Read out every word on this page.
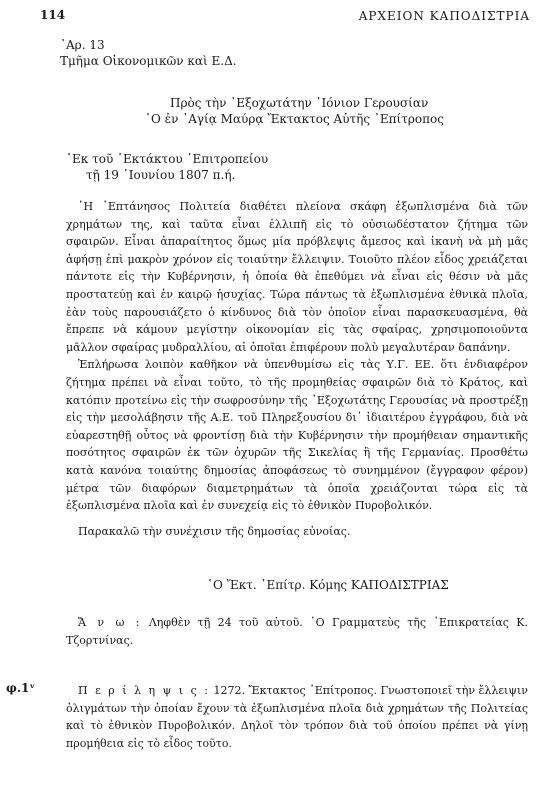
114	ΑΡΧΕΙΟΝ ΚΑΠΟΔΙΣΤΡΙΑ
᾿Αρ. 13
Τμῆμα Οἰκονομικῶν καὶ Ε.Δ.
Πρὸς τὴν ᾿Εξοχωτάτην ᾿Ιόνιον Γερουσίαν
῾Ο ἐν ᾿Αγίᾳ Μαύρᾳ Ἔκτακτος Αὐτῆς ᾿Επίτροπος
᾿Εκ τοῦ ᾿Εκτάκτου ᾿Επιτροπείου
τῇ 19 ᾿Ιουνίου 1807 π.ή.

῾Η ᾿Επτάνησος Πολιτεία διαθέτει πλείονα σκάφη ἐξωπλισμένα διὰ τῶν χρημάτων της, καὶ ταῦτα εἶναι ἐλλιπῆ εἰς τὸ οὐσιωδέστατον ζήτημα τῶν σφαιρῶν. Εἶναι ἀπαραίτητος ὅμως μία πρόβλεψις ἄμεσος καὶ ἱκανὴ νὰ μὴ μᾶς ἀφήσῃ ἐπὶ μακρὸν χρόνον εἰς τοιαύτην ἔλλειψιν. Τοιοῦτο πλέον εἶδος χρειάζεται πάντοτε εἰς τὴν Κυβέρνησιν, ἡ ὁποία θὰ ἐπεθύμει νὰ εἶναι εἰς θέσιν νὰ μᾶς προστατεύῃ καὶ ἐν καιρῷ ἡσυχίας. Τώρα πάντως τὰ ἐξωπλισμένα ἐθνικὰ πλοῖα, ἐὰν τοὺς παρουσιάζετο ὁ κίνδυνος διὰ τὸν ὁποῖον εἶναι παρασκευασμένα, θὰ ἔπρεπε νὰ κάμουν μεγίστην οἰκονομίαν εἰς τὰς σφαίρας, χρησιμοποιοῦντα μᾶλλον σφαίρας μυδραλλίου, αἱ ὁποῖαι ἐπιφέρουν πολὺ μεγαλυτέραν δαπάνην.

Ἐπλήρωσα λοιπὸν καθῆκον νὰ ὑπενθυμίσω εἰς τὰς Υ.Γ. ΕΕ. ὅτι ἐνδιαφέρον ζήτημα πρέπει νὰ εἶναι τοῦτο, τὸ τῆς προμηθείας σφαιρῶν διὰ τὸ Κράτος, καὶ κατόπιν προτείνω εἰς τὴν σωφροσύνην τῆς ᾿Εξοχωτάτης Γερουσίας νὰ προστρέξῃ εἰς τὴν μεσολάβησιν τῆς Α.Ε. τοῦ Πληρεξουσίου δι᾿ ἰδιαιτέρου ἐγγράφου, διὰ νὰ εὐαρεστηθῇ οὗτος νὰ φροντίσῃ διὰ τὴν Κυβέρνησιν τὴν προμήθειαν σημαντικῆς ποσότητος σφαιρῶν ἐκ τῶν ὀχυρῶν τῆς Σικελίας ἢ τῆς Γερμανίας. Προσθέτω κατὰ κανόνα τοιαύτης δημοσίας ἀποφάσεως τὸ συνημμένον (ἔγγραφον φέρον) μέτρα τῶν διαφόρων διαμετρημάτων τὰ ὁποῖα χρειάζονται τώρα εἰς τὰ ἐξωπλισμένα πλοῖα καὶ ἐν συνεχείᾳ εἰς τὸ ἐθνικὸν Πυροβολικόν.

Παρακαλῶ τὴν συνέχισιν τῆς δημοσίας εὐνοίας.

῾Ο Ἔκτ. ᾿Επίτρ. Κόμης ΚΑΠΟΔΙΣΤΡΙΑΣ

Ἄ ν ω : Ληφθὲν τῇ 24 τοῦ αὐτοῦ. ῾Ο Γραμματεὺς τῆς ᾿Επικρατείας Κ. Τζορτνίνας.

φ.1ᵛ	Π ε ρ ί λ η ψ ι ς : 1272. Ἔκτακτος ᾿Επίτροπος. Γνωστοποιεῖ τὴν ἔλλειψιν ὀλιγμάτων τὴν ὁποίαν ἔχουν τὰ ἐξωπλισμένα πλοῖα διὰ χρημάτων τῆς Πολιτείας καὶ τὸ ἐθνικὸν Πυροβολικόν. Δηλοῖ τὸν τρόπον διὰ τοῦ ὁποίου πρέπει νὰ γίνῃ προμήθεια εἰς τὸ εἶδος τοῦτο.
